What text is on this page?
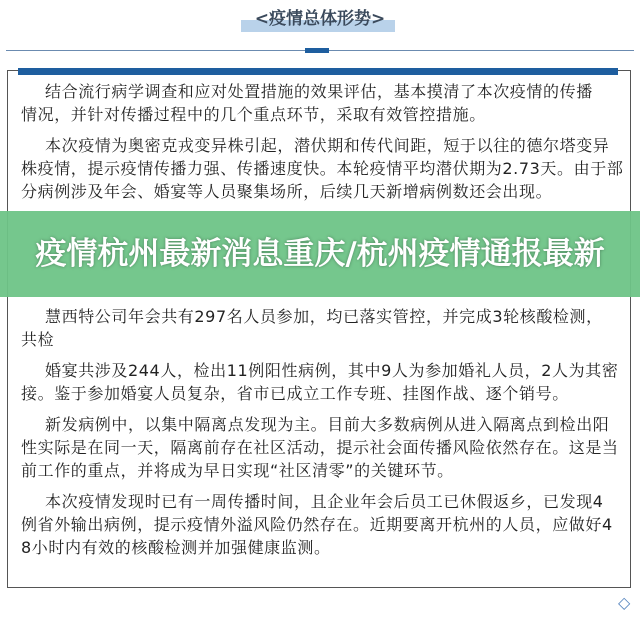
<疫情总体形势>
结合流行病学调查和应对处置措施的效果评估，基本摸清了本次疫情的传播
情况，并针对传播过程中的几个重点环节，采取有效管控措施。
本次疫情为奥密克戎变异株引起，潜伏期和传代间距，短于以往的德尔塔变异
株疫情，提示疫情传播力强、传播速度快。本轮疫情平均潜伏期为2.73天。由于部
分病例涉及年会、婚宴等人员聚集场所，后续几天新增病例数还会出现。
疫情杭州最新消息重庆/杭州疫情通报最新
慧西特公司年会共有297名人员参加，均已落实管控，并完成3轮核酸检测，
共检
婚宴共涉及244人，检出11例阳性病例，其中9人为参加婚礼人员，2人为其密
接。鉴于参加婚宴人员复杂，省市已成立工作专班、挂图作战、逐个销号。
新发病例中，以集中隔离点发现为主。目前大多数病例从进入隔离点到检出阳
性实际是在同一天，隔离前存在社区活动，提示社会面传播风险依然存在。这是当
前工作的重点，并将成为早日实现“社区清零”的关键环节。
本次疫情发现时已有一周传播时间，且企业年会后员工已休假返乡，已发现4
例省外输出病例，提示疫情外溢风险仍然存在。近期要离开杭州的人员，应做好4
8小时内有效的核酸检测并加强健康监测。
◇
